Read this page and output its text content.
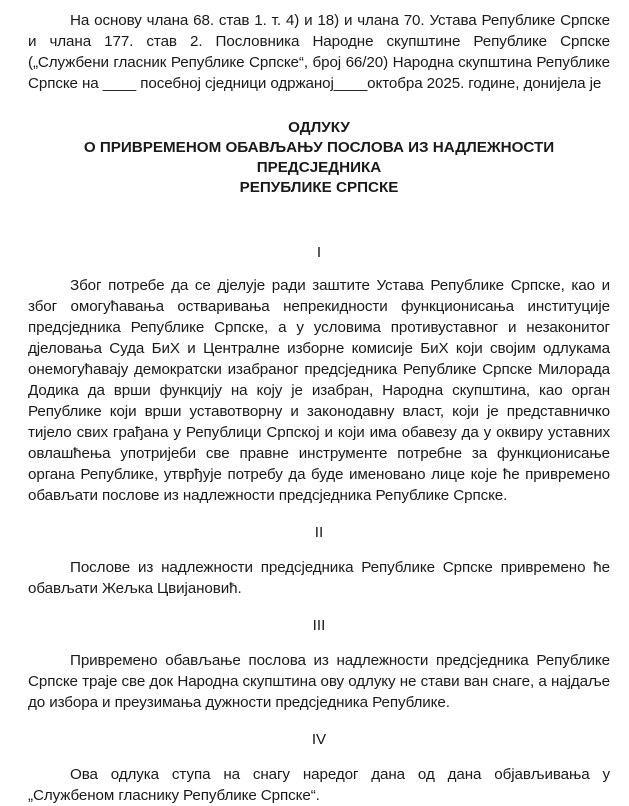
На основу члана 68. став 1. т. 4) и 18) и члана 70. Устава Републике Српске и члана 177. став 2. Пословника Народне скупштине Републике Српске („Службени гласник Републике Српске“, број 66/20) Народна скупштина Републике Српске на ____ посебној сједници одржаној____октобра 2025. године, донијела је

ОДЛУКУ
О ПРИВРЕМЕНОМ ОБАВЉАЊУ ПОСЛОВА ИЗ НАДЛЕЖНОСТИ ПРЕДСЈЕДНИКА
РЕПУБЛИКЕ СРПСКЕ
I

Због потребе да се дјелује ради заштите Устава Републике Српске, као и због омогућавања остваривања непрекидности функционисања институције предсједника Републике Српске, а у условима противуставног и незаконитог дјеловања Суда БиХ и Централне изборне комисије БиХ који својим одлукама онемогућавају демократски изабраног предсједника Републике Српске Милорада Додика да врши функцију на коју је изабран, Народна скупштина, као орган Републике који врши уставотворну и законодавну власт, који је представничко тијело свих грађана у Републици Српској и који има обавезу да у оквиру уставних овлашћења употријеби све правне инструменте потребне за функционисање органа Републике, утврђује потребу да буде именовано лице које ће привремено обављати послове из надлежности предсједника Републике Српске.

II

Послове из надлежности предсједника Републике Српске привремено ће обављати Жељка Цвијановић.

III

Привремено обављање послова из надлежности предсједника Републике Српске траје све док Народна скупштина ову одлуку не стави ван снаге, а најдаље до избора и преузимања дужности предсједника Републике.

IV

Ова одлука ступа на снагу наредог дана од дана објављивања у „Службеном гласнику Републике Српске“.
